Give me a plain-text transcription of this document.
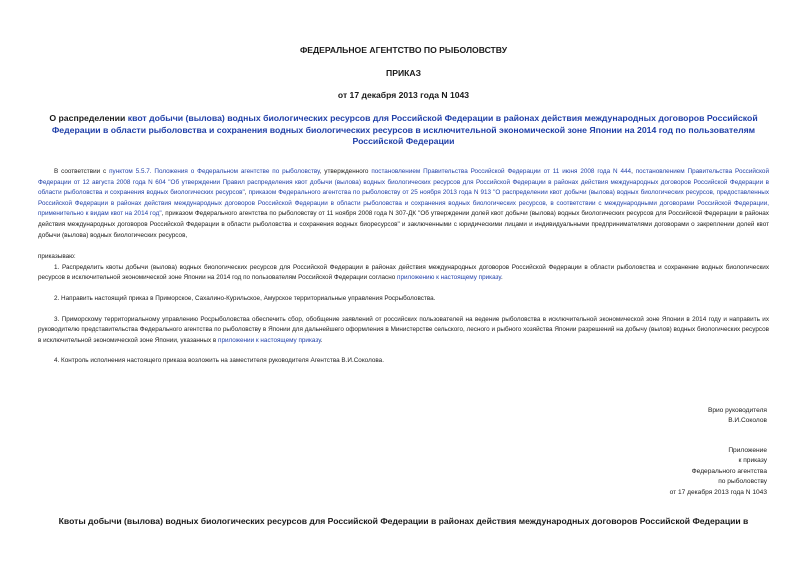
ФЕДЕРАЛЬНОЕ АГЕНТСТВО ПО РЫБОЛОВСТВУ
ПРИКАЗ
от 17 декабря 2013 года N 1043
О распределении квот добычи (вылова) водных биологических ресурсов для Российской Федерации в районах действия международных договоров Российской Федерации в области рыболовства и сохранения водных биологических ресурсов в исключительной экономической зоне Японии на 2014 год по пользователям Российской Федерации

В соответствии с пунктом 5.5.7. Положения о Федеральном агентстве по рыболовству, утвержденного постановлением Правительства Российской Федерации от 11 июня 2008 года N 444, постановлением Правительства Российской Федерации от 12 августа 2008 года N 604 "Об утверждении Правил распределения квот добычи (вылова) водных биологических ресурсов для Российской Федерации в районах действия международных договоров Российской Федерации в области рыболовства и сохранения водных биологических ресурсов", приказом Федерального агентства по рыболовству от 25 ноября 2013 года N 913 "О распределении квот добычи (вылова) водных биологических ресурсов, предоставленных Российской Федерации в районах действия международных договоров Российской Федерации в области рыболовства и сохранения водных биологических ресурсов, в соответствии с международными договорами Российской Федерации, применительно к видам квот на 2014 год", приказом Федерального агентства по рыболовству от 11 ноября 2008 года N 307-ДК "Об утверждении долей квот добычи (вылова) водных биологических ресурсов для Российской Федерации в районах действия международных договоров Российской Федерации в области рыболовства и сохранения водных биоресурсов" и заключенными с юридическими лицами и индивидуальными предпринимателями договорами о закреплении долей квот добычи (вылова) водных биологических ресурсов,

приказываю:

1. Распределить квоты добычи (вылова) водных биологических ресурсов для Российской Федерации в районах действия международных договоров Российской Федерации в области рыболовства и сохранение водных биологических ресурсов в исключительной экономической зоне Японии на 2014 год по пользователям Российской Федерации согласно приложению к настоящему приказу.

2. Направить настоящий приказ в Приморское, Сахалино-Курильское, Амурское территориальные управления Росрыболовства.

3. Приморскому территориальному управлению Росрыболовства обеспечить сбор, обобщение заявлений от российских пользователей на ведение рыболовства в исключительной экономической зоне Японии в 2014 году и направить их руководителю представительства Федерального агентства по рыболовству в Японии для дальнейшего оформления в Министерстве сельского, лесного и рыбного хозяйства Японии разрешений на добычу (вылов) водных биологических ресурсов в исключительной экономической зоне Японии, указанных в приложении к настоящему приказу.

4. Контроль исполнения настоящего приказа возложить на заместителя руководителя Агентства В.И.Соколова.

Врио руководителя
В.И.Соколов
Приложение
к приказу
Федерального агентства
по рыболовству
от 17 декабря 2013 года N 1043
Квоты добычи (вылова) водных биологических ресурсов для Российской Федерации в районах действия международных договоров Российской Федерации в
